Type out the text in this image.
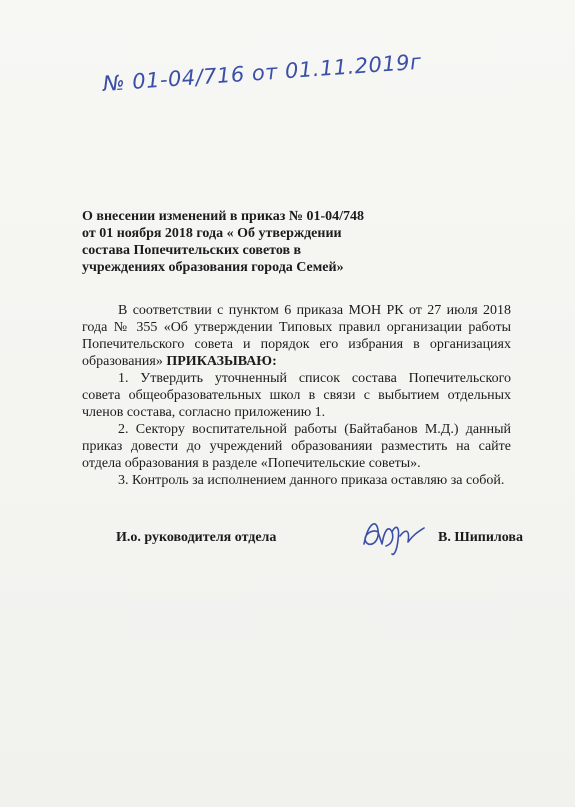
№ 01-04/716 от 01.11.2019г
О внесении изменений в приказ № 01-04/748
от 01 ноября 2018 года « Об утверждении
состава Попечительских советов в
учреждениях образования города Семей»

В соответствии с пунктом 6 приказа МОН РК от 27 июля 2018 года № 355 «Об утверждении Типовых правил организации работы Попечительского совета и порядок его избрания в организациях образования» ПРИКАЗЫВАЮ:

1. Утвердить уточненный список состава Попечительского совета общеобразовательных школ в связи с выбытием отдельных членов состава, согласно приложению 1.

2. Сектору воспитательной работы (Байтабанов М.Д.) данный приказ довести до учреждений образованияи разместить на сайте отдела образования в разделе «Попечительские советы».

3. Контроль за исполнением данного приказа оставляю за собой.

И.о. руководителя отдела	В. Шипилова
